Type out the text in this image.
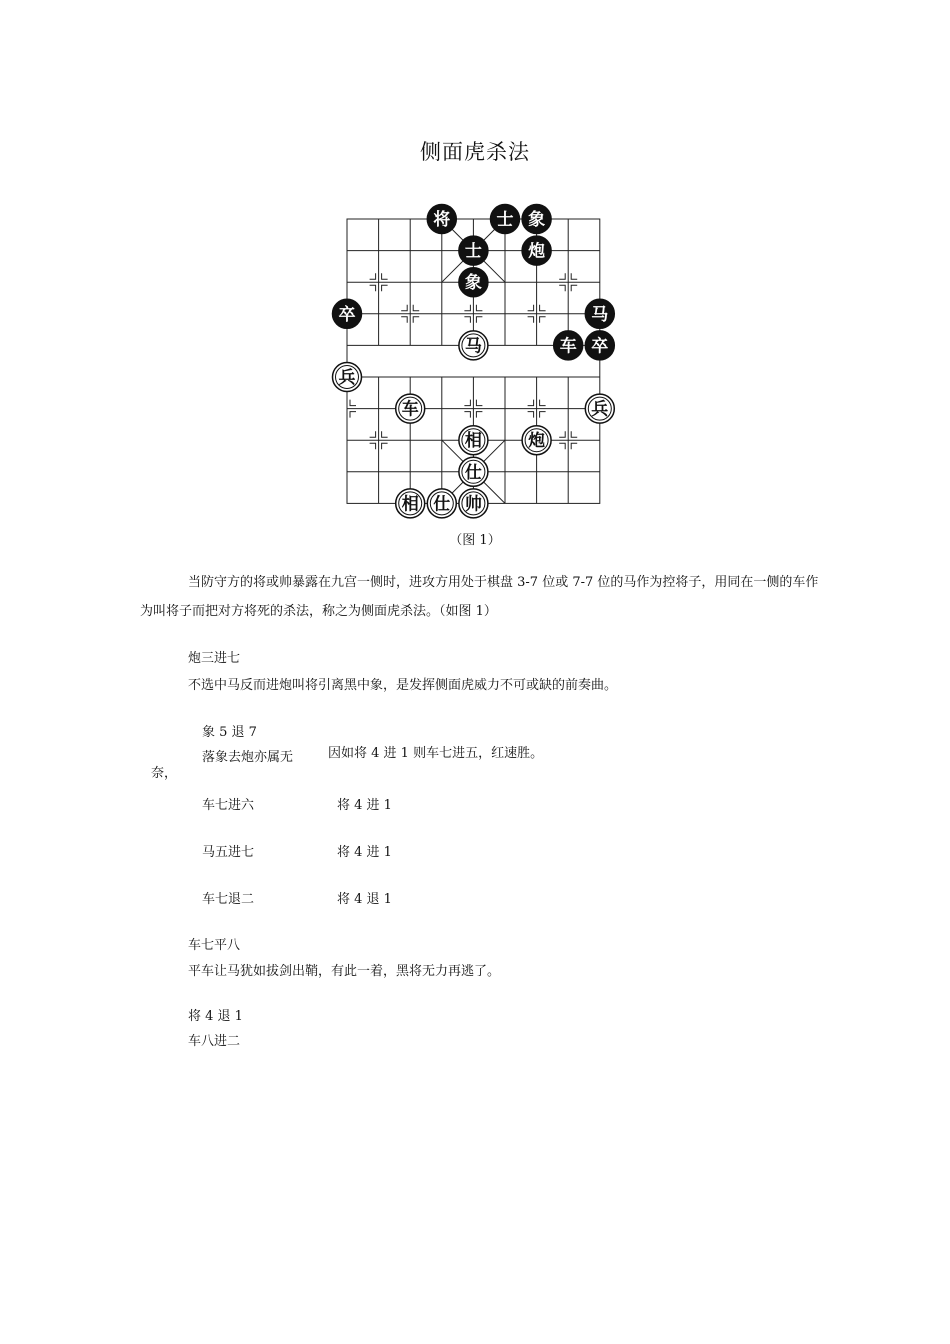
侧面虎杀法
将	士 象
士	炮
象
卒	马
车 卒
马
兵
车	兵
相	炮
仕
相 仕 帅
（图 1）
当防守方的将或帅暴露在九宫一侧时，进攻方用处于棋盘 3-7 位或 7-7 位的马作为控将子，用同在一侧的车作为叫将子而把对方将死的杀法，称之为侧面虎杀法。（如图 1）
炮三进七
不选中马反而进炮叫将引离黑中象，是发挥侧面虎威力不可或缺的前奏曲。
象 5 退 7
落象去炮亦属无	因如将 4 进 1 则车七进五，红速胜。
奈，
车七进六	将 4 进 1
马五进七	将 4 进 1
车七退二	将 4 退 1
车七平八
平车让马犹如拔剑出鞘，有此一着，黑将无力再逃了。
将 4 退 1
车八进二
